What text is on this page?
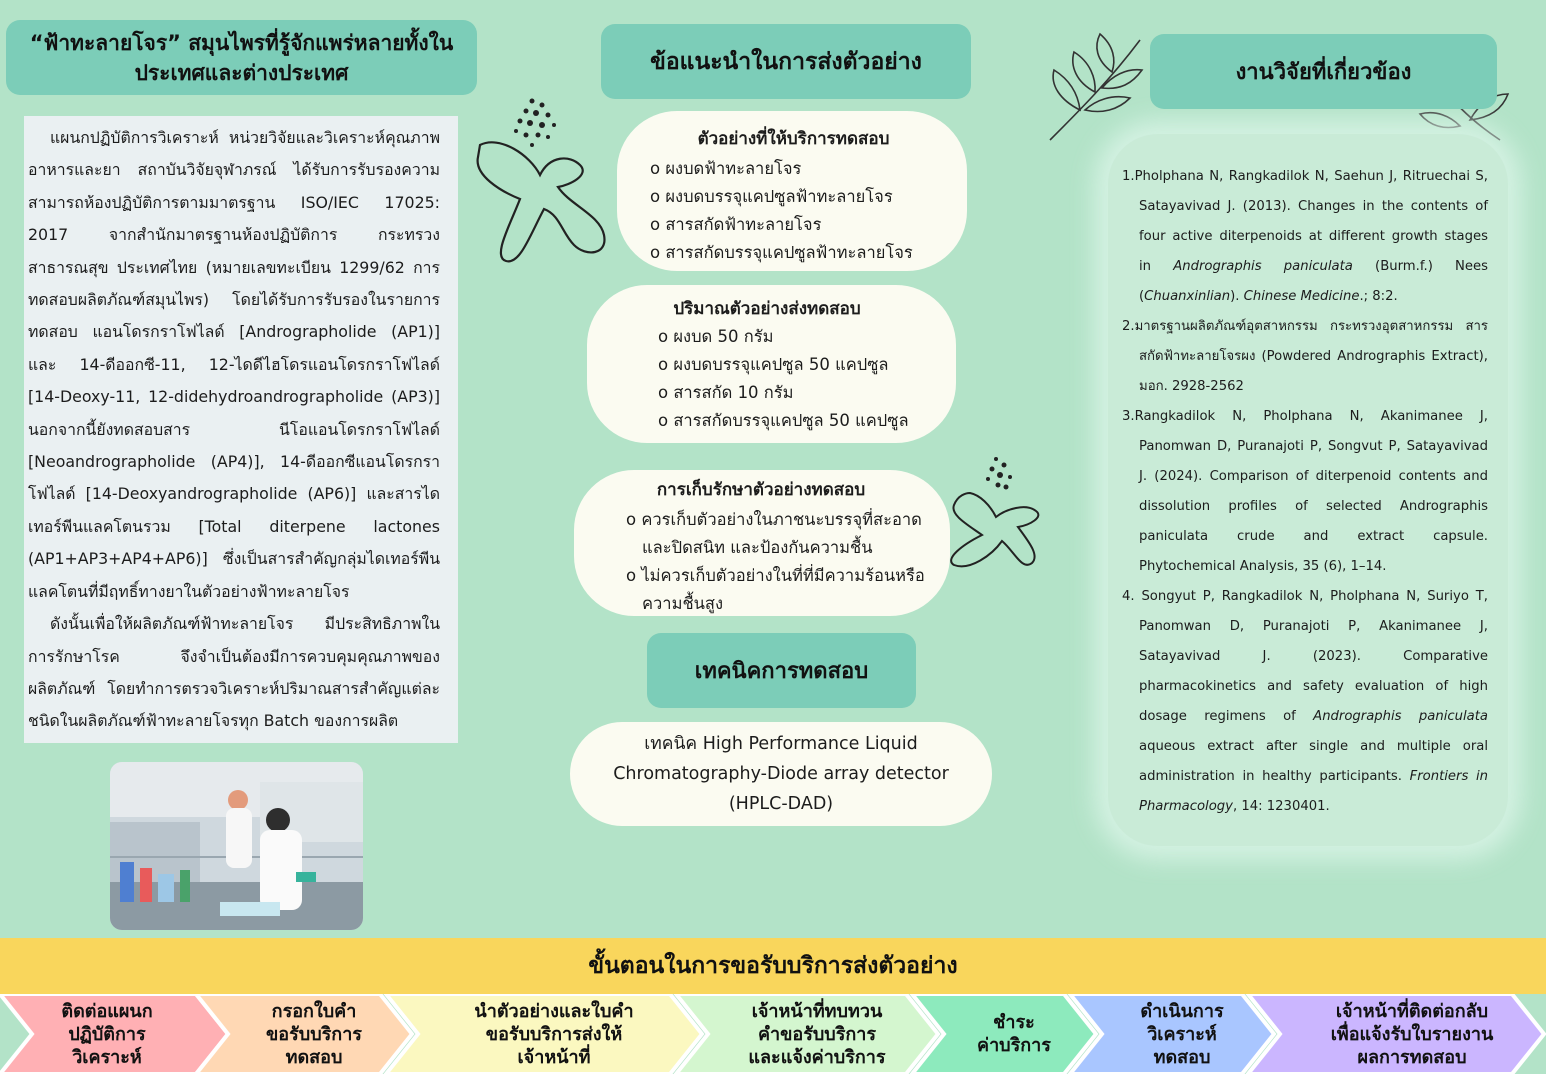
“ฟ้าทะลายโจร” สมุนไพรที่รู้จักแพร่หลายทั้งในประเทศและต่างประเทศ

แผนกปฏิบัติการวิเคราะห์ หน่วยวิจัยและวิเคราะห์คุณภาพอาหารและยา สถาบันวิจัยจุฬาภรณ์ ได้รับการรับรองความสามารถห้องปฏิบัติการตามมาตรฐาน ISO/IEC 17025: 2017 จากสำนักมาตรฐานห้องปฏิบัติการ กระทรวงสาธารณสุข ประเทศไทย (หมายเลขทะเบียน 1299/62 การทดสอบผลิตภัณฑ์สมุนไพร) โดยได้รับการรับรองในรายการทดสอบ แอนโดรกราโฟไลด์ [Andrographolide (AP1)] และ 14-ดีออกซี-11, 12-ไดดีไฮโดรแอนโดรกราโฟไลด์ [14-Deoxy-11, 12-didehydroandrographolide (AP3)] นอกจากนี้ยังทดสอบสาร นีโอแอนโดรกราโฟไลด์ [Neoandrographolide (AP4)], 14-ดีออกซีแอนโดรกราโฟไลด์ [14-Deoxyandrographolide (AP6)] และสารไดเทอร์พีนแลคโตนรวม [Total diterpene lactones (AP1+AP3+AP4+AP6)] ซึ่งเป็นสารสำคัญกลุ่มไดเทอร์พีนแลคโตนที่มีฤทธิ์ทางยาในตัวอย่างฟ้าทะลายโจร

ดังนั้นเพื่อให้ผลิตภัณฑ์ฟ้าทะลายโจร มีประสิทธิภาพในการรักษาโรค จึงจำเป็นต้องมีการควบคุมคุณภาพของผลิตภัณฑ์ โดยทำการตรวจวิเคราะห์ปริมาณสารสำคัญแต่ละชนิดในผลิตภัณฑ์ฟ้าทะลายโจรทุก Batch ของการผลิต

ข้อแนะนำในการส่งตัวอย่าง
ตัวอย่างที่ให้บริการทดสอบ
o ผงบดฟ้าทะลายโจร
o ผงบดบรรจุแคปซูลฟ้าทะลายโจร
o สารสกัดฟ้าทะลายโจร
o สารสกัดบรรจุแคปซูลฟ้าทะลายโจร
ปริมาณตัวอย่างส่งทดสอบ
o ผงบด 50 กรัม
o ผงบดบรรจุแคปซูล 50 แคปซูล
o สารสกัด 10 กรัม
o สารสกัดบรรจุแคปซูล 50 แคปซูล
การเก็บรักษาตัวอย่างทดสอบ
o ควรเก็บตัวอย่างในภาชนะบรรจุที่สะอาดและปิดสนิท และป้องกันความชื้น
o ไม่ควรเก็บตัวอย่างในที่ที่มีความร้อนหรือความชื้นสูง
เทคนิคการทดสอบ
เทคนิค High Performance Liquid
Chromatography-Diode array detector
(HPLC-DAD)
งานวิจัยที่เกี่ยวข้อง
1.Pholphana N, Rangkadilok N, Saehun J, Ritruechai S, Satayavivad J. (2013). Changes in the contents of four active diterpenoids at different growth stages in Andrographis paniculata (Burm.f.) Nees (Chuanxinlian). Chinese Medicine.; 8:2.
2.มาตรฐานผลิตภัณฑ์อุตสาหกรรม กระทรวงอุตสาหกรรม สารสกัดฟ้าทะลายโจรผง (Powdered Andrographis Extract), มอก. 2928-2562
3.Rangkadilok N, Pholphana N, Akanimanee J, Panomwan D, Puranajoti P, Songvut P, Satayavivad J. (2024). Comparison of diterpenoid contents and dissolution profiles of selected Andrographis paniculata crude and extract capsule. Phytochemical Analysis, 35 (6), 1–14.
4. Songyut P, Rangkadilok N, Pholphana N, Suriyo T, Panomwan D, Puranajoti P, Akanimanee J, Satayavivad J. (2023). Comparative pharmacokinetics and safety evaluation of high dosage regimens of Andrographis paniculata aqueous extract after single and multiple oral administration in healthy participants. Frontiers in Pharmacology, 14: 1230401.
ขั้นตอนในการขอรับบริการส่งตัวอย่าง
ติดต่อแผนก
ปฏิบัติการ
วิเคราะห์
กรอกใบคำ
ขอรับบริการ
ทดสอบ
นำตัวอย่างและใบคำ
ขอรับบริการส่งให้
เจ้าหน้าที่
เจ้าหน้าที่ทบทวน
คำขอรับบริการ
และแจ้งค่าบริการ
ชำระ
ค่าบริการ
ดำเนินการ
วิเคราะห์
ทดสอบ
เจ้าหน้าที่ติดต่อกลับ
เพื่อแจ้งรับใบรายงาน
ผลการทดสอบ
